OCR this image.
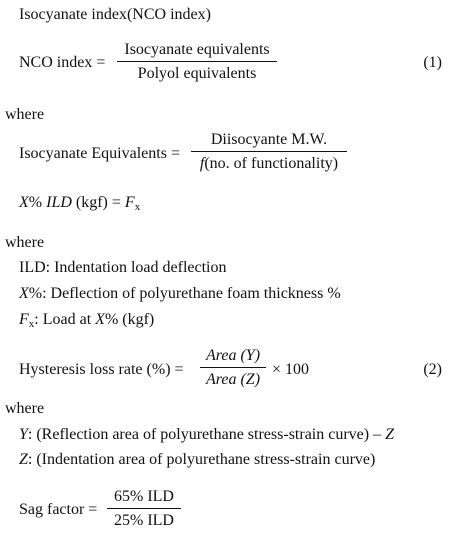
Isocyanate index(NCO index)
NCO index =
Isocyanate equivalents
Polyol equivalents
(1)
where
Isocyanate Equivalents =
Diisocyante M.W.
f(no. of functionality)
X% ILD $(kgf) = F_x$
where
ILD: Indentation load deflection
X%: Deflection of polyurethane foam thickness %
$F_x$: Load at X% (kgf)
Hysteresis loss rate (%) =
Area (Y)
Area (Z)
× 100	(2)
where
Y: (Reflection area of polyurethane stress-strain curve) – Z
Z: (Indentation area of polyurethane stress-strain curve)
Sag factor =
65% ILD
25% ILD
